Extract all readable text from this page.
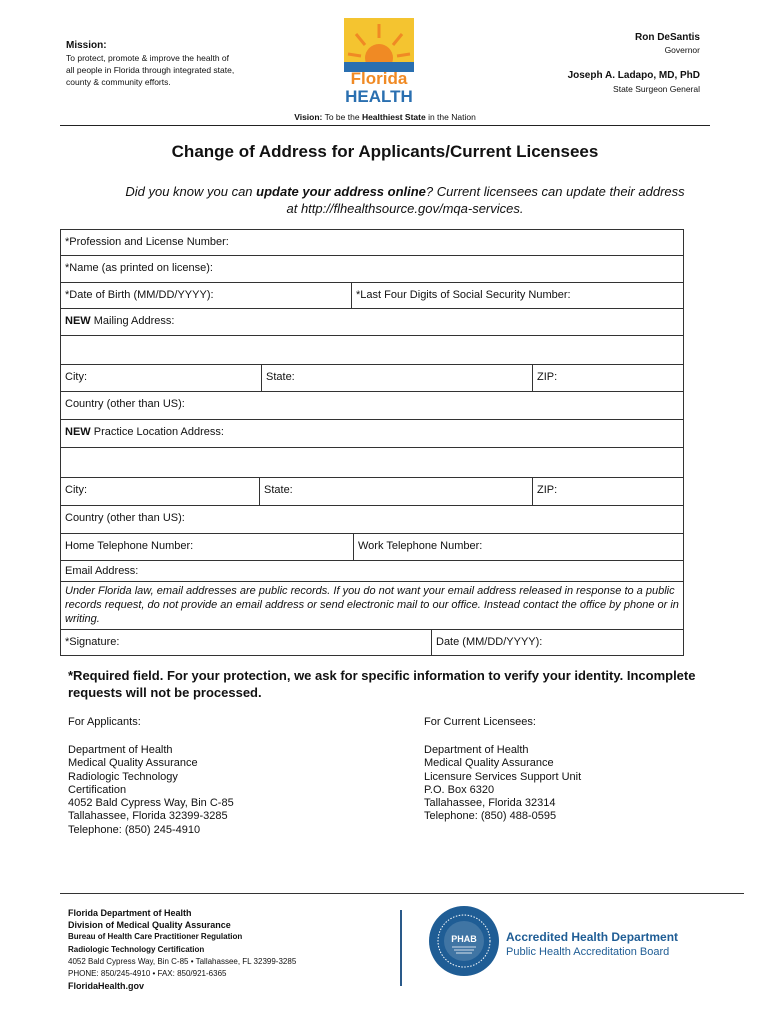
Mission:
To protect, promote & improve the health of all people in Florida through integrated state, county & community efforts.	Florida
HEALTH
Ron DeSantis
Governor
Joseph A. Ladapo, MD, PhD
State Surgeon General
Vision: To be the Healthiest State in the Nation
Change of Address for Applicants/Current Licensees
Did you know you can update your address online? Current licensees can update their address at http://flhealthsource.gov/mqa-services.
*Profession and License Number:
*Name (as printed on license):
*Date of Birth (MM/DD/YYYY):	*Last Four Digits of Social Security Number:
NEW Mailing Address:
City:	State:	ZIP:
Country (other than US):
NEW Practice Location Address:
City:	State:	ZIP:
Country (other than US):
Home Telephone Number:	Work Telephone Number:
Email Address:
Under Florida law, email addresses are public records. If you do not want your email address released in response to a public records request, do not provide an email address or send electronic mail to our office. Instead contact the office by phone or in writing.
*Signature:	Date (MM/DD/YYYY):
*Required field. For your protection, we ask for specific information to verify your identity. Incomplete requests will not be processed.
For Applicants:
Department of Health
Medical Quality Assurance
Radiologic Technology
Certification
4052 Bald Cypress Way, Bin C-85
Tallahassee, Florida 32399-3285
Telephone: (850) 245-4910
For Current Licensees:
Department of Health
Medical Quality Assurance
Licensure Services Support Unit
P.O. Box 6320
Tallahassee, Florida 32314
Telephone: (850) 488-0595
Florida Department of Health
Division of Medical Quality Assurance
Bureau of Health Care Practitioner Regulation
Radiologic Technology Certification
4052 Bald Cypress Way, Bin C-85 • Tallahassee, FL 32399-3285
PHONE: 850/245-4910 • FAX: 850/921-6365
FloridaHealth.gov
PHAB Accredited Health Department
Public Health Accreditation Board
